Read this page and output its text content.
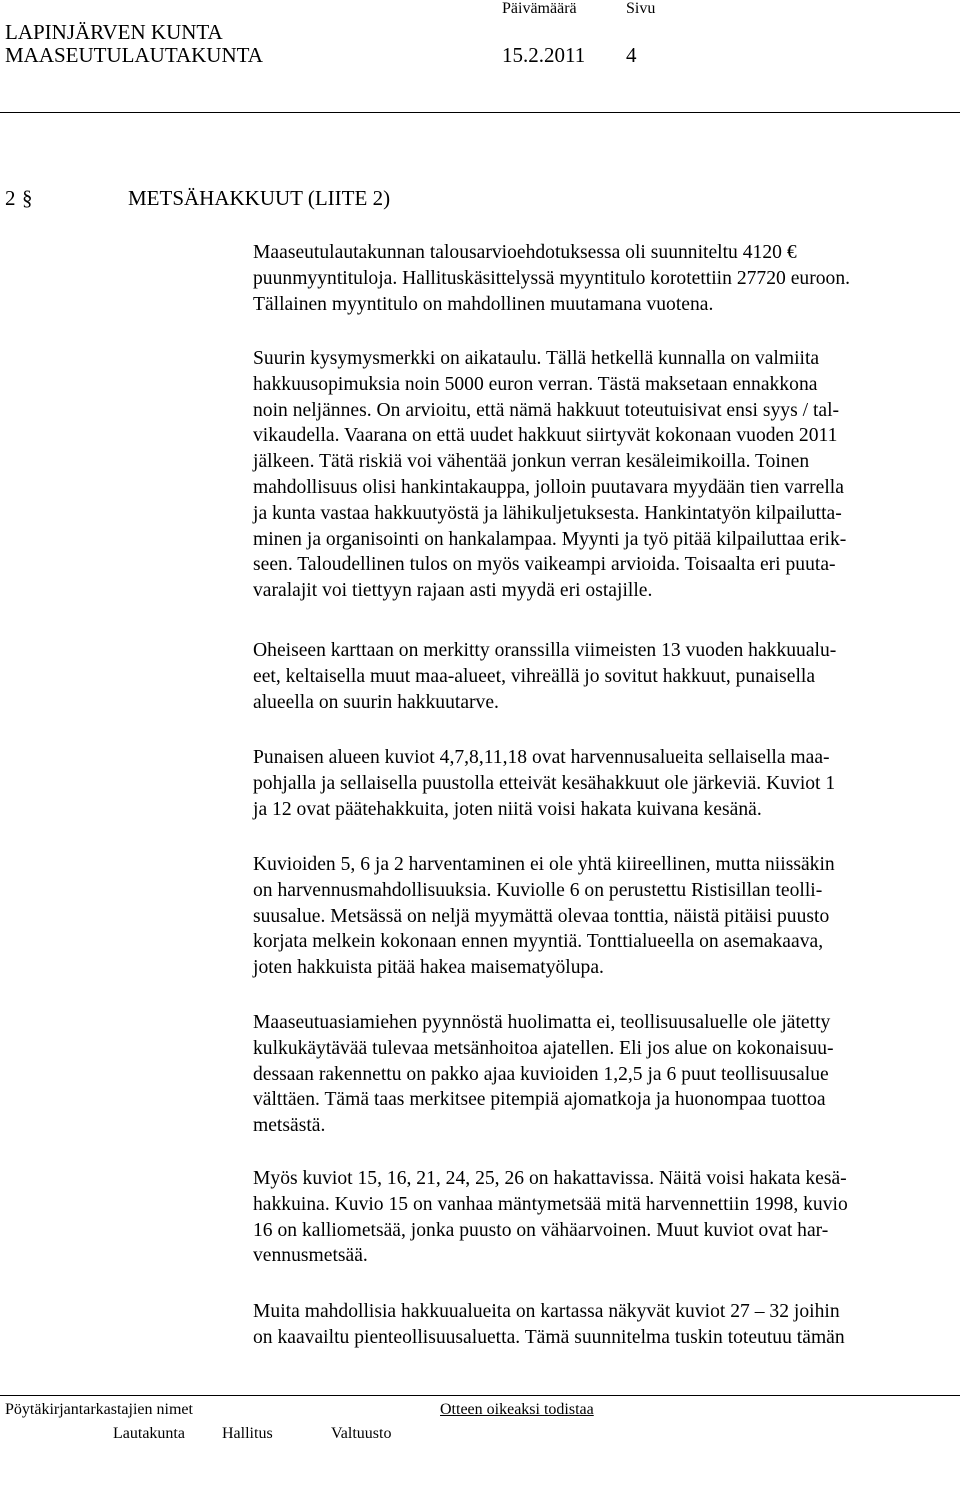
LAPINJÄRVEN KUNTA
MAASEUTULAUTAKUNTA
Päivämäärä	Sivu
15.2.2011 4
2 §	METSÄHAKKUUT (LIITE 2)
Maaseutulautakunnan talousarvioehdotuksessa oli suunniteltu 4120 €
puunmyyntituloja. Hallituskäsittelyssä myyntitulo korotettiin 27720 euroon.
Tällainen myyntitulo on mahdollinen muutamana vuotena.
Suurin kysymysmerkki on aikataulu. Tällä hetkellä kunnalla on valmiita
hakkuusopimuksia noin 5000 euron verran. Tästä maksetaan ennakkona
noin neljännes. On arvioitu, että nämä hakkuut toteutuisivat ensi syys / tal-
vikaudella. Vaarana on että uudet hakkuut siirtyvät kokonaan vuoden 2011
jälkeen. Tätä riskiä voi vähentää jonkun verran kesäleimikoilla. Toinen
mahdollisuus olisi hankintakauppa, jolloin puutavara myydään tien varrella
ja kunta vastaa hakkuutyöstä ja lähikuljetuksesta. Hankintatyön kilpailutta-
minen ja organisointi on hankalampaa. Myynti ja työ pitää kilpailuttaa erik-
seen. Taloudellinen tulos on myös vaikeampi arvioida. Toisaalta eri puuta-
varalajit voi tiettyyn rajaan asti myydä eri ostajille.
Oheiseen karttaan on merkitty oranssilla viimeisten 13 vuoden hakkuualu-
eet, keltaisella muut maa-alueet, vihreällä jo sovitut hakkuut, punaisella
alueella on suurin hakkuutarve.
Punaisen alueen kuviot 4,7,8,11,18 ovat harvennusalueita sellaisella maa-
pohjalla ja sellaisella puustolla etteivät kesähakkuut ole järkeviä. Kuviot 1
ja 12 ovat päätehakkuita, joten niitä voisi hakata kuivana kesänä.
Kuvioiden 5, 6 ja 2 harventaminen ei ole yhtä kiireellinen, mutta niissäkin
on harvennusmahdollisuuksia. Kuviolle 6 on perustettu Ristisillan teolli-
suusalue. Metsässä on neljä myymättä olevaa tonttia, näistä pitäisi puusto
korjata melkein kokonaan ennen myyntiä. Tonttialueella on asemakaava,
joten hakkuista pitää hakea maisematyölupa.
Maaseutuasiamiehen pyynnöstä huolimatta ei, teollisuusaluelle ole jätetty
kulkukäytävää tulevaa metsänhoitoa ajatellen. Eli jos alue on kokonaisuu-
dessaan rakennettu on pakko ajaa kuvioiden 1,2,5 ja 6 puut teollisuusalue
välttäen. Tämä taas merkitsee pitempiä ajomatkoja ja huonompaa tuottoa
metsästä.
Myös kuviot 15, 16, 21, 24, 25, 26 on hakattavissa. Näitä voisi hakata kesä-
hakkuina. Kuvio 15 on vanhaa mäntymetsää mitä harvennettiin 1998, kuvio
16 on kalliometsää, jonka puusto on vähäarvoinen. Muut kuviot ovat har-
vennusmetsää.
Muita mahdollisia hakkuualueita on kartassa näkyvät kuviot 27 – 32 joihin
on kaavailtu pienteollisuusaluetta. Tämä suunnitelma tuskin toteutuu tämän
Pöytäkirjantarkastajien nimet	Otteen oikeaksi todistaa
Lautakunta Hallitus	Valtuusto
